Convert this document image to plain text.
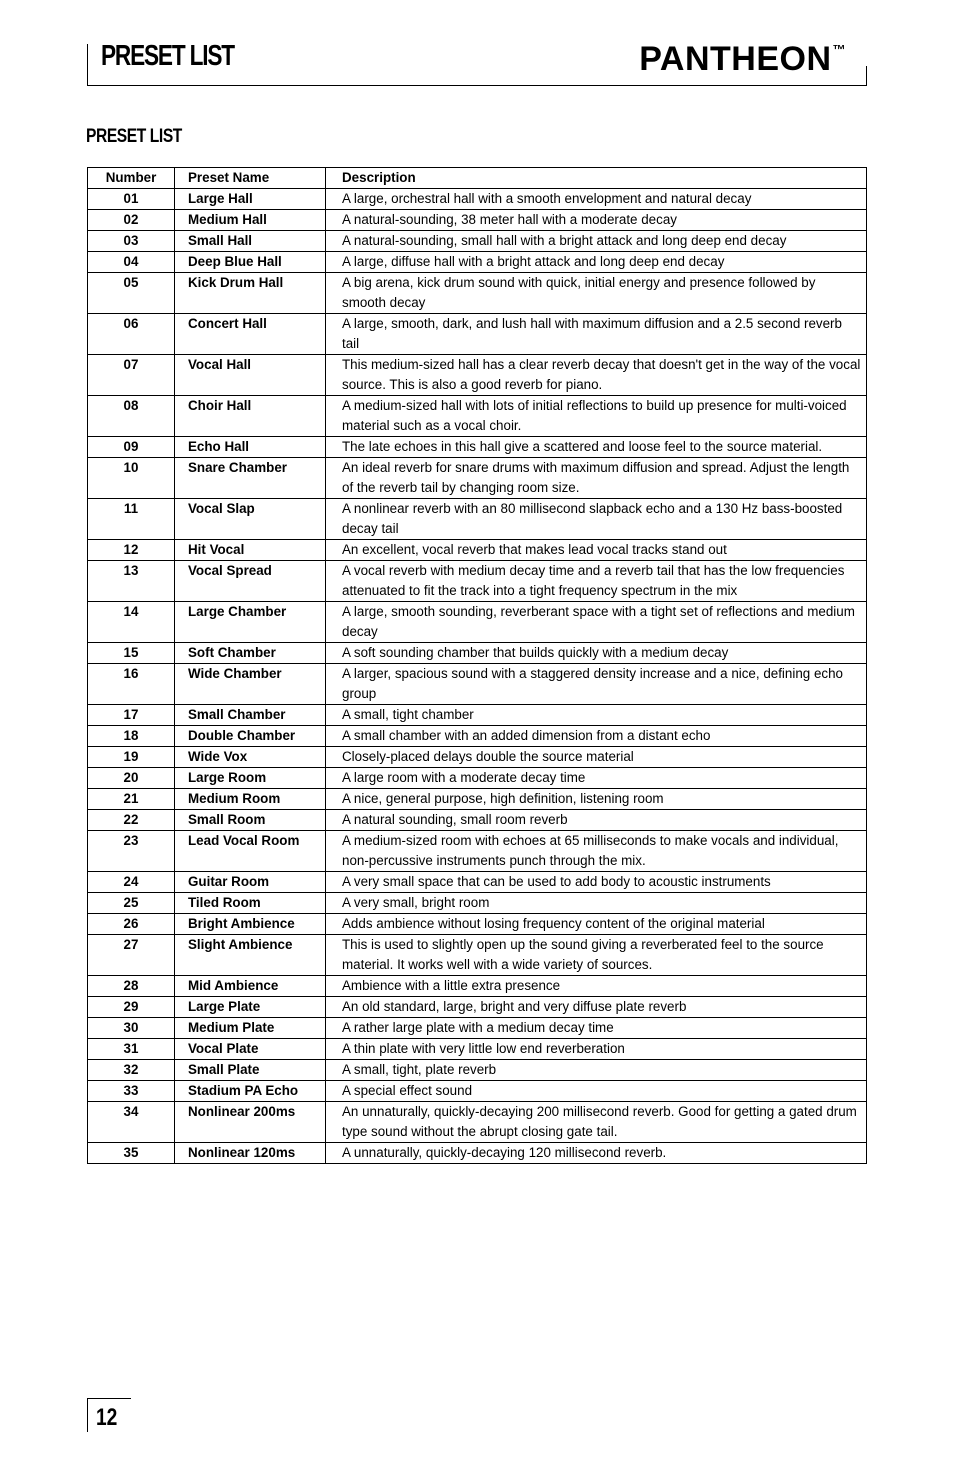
PRESET LIST	PANTHEON™
PRESET LIST
Number	Preset Name	Description
01	Large Hall	A large, orchestral hall with a smooth envelopment and natural decay
02	Medium Hall	A natural-sounding, 38 meter hall with a moderate decay
03	Small Hall	A natural-sounding, small hall with a bright attack and long deep end decay
04	Deep Blue Hall	A large, diffuse hall with a bright attack and long deep end decay
05	Kick Drum Hall	A big arena, kick drum sound with quick, initial energy and presence followed by smooth decay
06	Concert Hall	A large, smooth, dark, and lush hall with maximum diffusion and a 2.5 second reverb tail
07	Vocal Hall	This medium-sized hall has a clear reverb decay that doesn't get in the way of the vocal source. This is also a good reverb for piano.
08	Choir Hall	A medium-sized hall with lots of initial reflections to build up presence for multi-voiced material such as a vocal choir.
09	Echo Hall	The late echoes in this hall give a scattered and loose feel to the source material.
10	Snare Chamber	An ideal reverb for snare drums with maximum diffusion and spread. Adjust the length of the reverb tail by changing room size.
11	Vocal Slap	A nonlinear reverb with an 80 millisecond slapback echo and a 130 Hz bass-boosted decay tail
12	Hit Vocal	An excellent, vocal reverb that makes lead vocal tracks stand out
13	Vocal Spread	A vocal reverb with medium decay time and a reverb tail that has the low frequencies attenuated to fit the track into a tight frequency spectrum in the mix
14	Large Chamber	A large, smooth sounding, reverberant space with a tight set of reflections and medium decay
15	Soft Chamber	A soft sounding chamber that builds quickly with a medium decay
16	Wide Chamber	A larger, spacious sound with a staggered density increase and a nice, defining echo group
17	Small Chamber	A small, tight chamber
18	Double Chamber	A small chamber with an added dimension from a distant echo
19	Wide Vox	Closely-placed delays double the source material
20	Large Room	A large room with a moderate decay time
21	Medium Room	A nice, general purpose, high definition, listening room
22	Small Room	A natural sounding, small room reverb
23	Lead Vocal Room	A medium-sized room with echoes at 65 milliseconds to make vocals and individual, non-percussive instruments punch through the mix.
24	Guitar Room	A very small space that can be used to add body to acoustic instruments
25	Tiled Room	A very small, bright room
26	Bright Ambience	Adds ambience without losing frequency content of the original material
27	Slight Ambience	This is used to slightly open up the sound giving a reverberated feel to the source material. It works well with a wide variety of sources.
28	Mid Ambience	Ambience with a little extra presence
29	Large Plate	An old standard, large, bright and very diffuse plate reverb
30	Medium Plate	A rather large plate with a medium decay time
31	Vocal Plate	A thin plate with very little low end reverberation
32	Small Plate	A small, tight, plate reverb
33	Stadium PA Echo	A special effect sound
34	Nonlinear 200ms	An unnaturally, quickly-decaying 200 millisecond reverb. Good for getting a gated drum type sound without the abrupt closing gate tail.
35	Nonlinear 120ms	A unnaturally, quickly-decaying 120 millisecond reverb.
12
